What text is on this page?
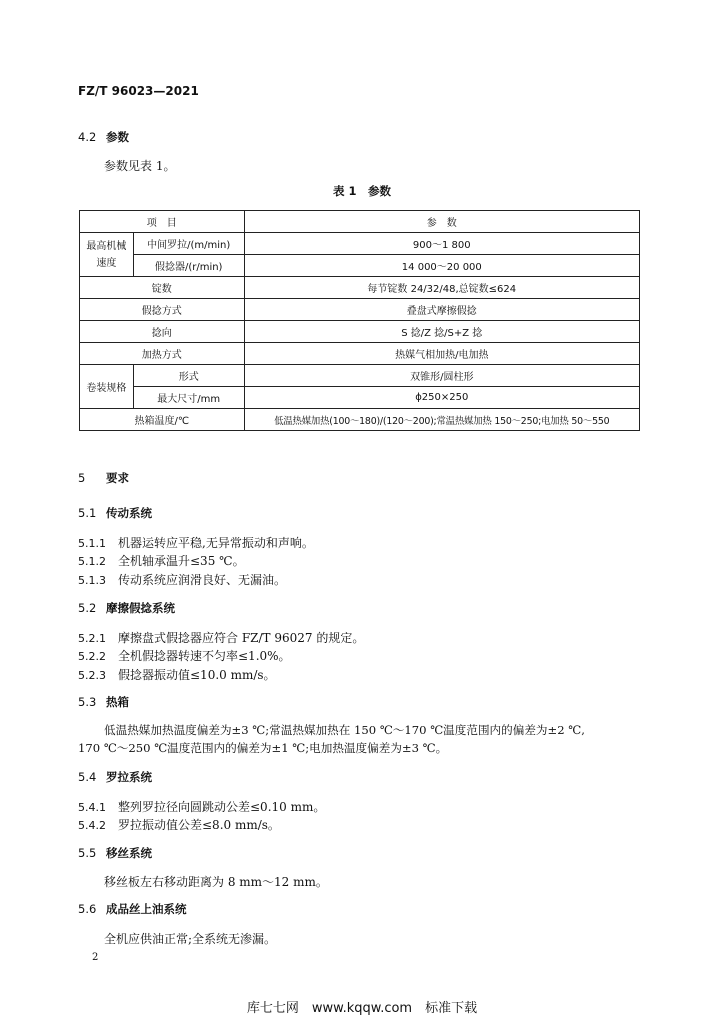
FZ/T 96023—2021
4.2 参数
参数见表 1。
表 1　参数
项　目		参　数
最高机械速度	中间罗拉/(m/min)	900～1 800
	假捻器/(r/min)	14 000～20 000
锭数		每节锭数 24/32/48,总锭数≤624
假捻方式		叠盘式摩擦假捻
捻向		S 捻/Z 捻/S+Z 捻
加热方式		热媒气相加热/电加热
卷装规格	形式	双锥形/圆柱形
	最大尺寸/mm	ϕ250×250
热箱温度/℃		低温热媒加热(100～180)/(120～200);常温热媒加热 150～250;电加热 50～550
5 要求
5.1 传动系统
5.1.1 机器运转应平稳,无异常振动和声响。
5.1.2 全机轴承温升≤35 ℃。
5.1.3 传动系统应润滑良好、无漏油。
5.2 摩擦假捻系统
5.2.1 摩擦盘式假捻器应符合 FZ/T 96027 的规定。
5.2.2 全机假捻器转速不匀率≤1.0%。
5.2.3 假捻器振动值≤10.0 mm/s。
5.3 热箱
低温热媒加热温度偏差为±3 ℃;常温热媒加热在 150 ℃～170 ℃温度范围内的偏差为±2 ℃,
170 ℃～250 ℃温度范围内的偏差为±1 ℃;电加热温度偏差为±3 ℃。
5.4 罗拉系统
5.4.1 整列罗拉径向圆跳动公差≤0.10 mm。
5.4.2 罗拉振动值公差≤8.0 mm/s。
5.5 移丝系统
移丝板左右移动距离为 8 mm～12 mm。
5.6 成品丝上油系统
全机应供油正常;全系统无渗漏。
2
库七七网　www.kqqw.com　标准下载
